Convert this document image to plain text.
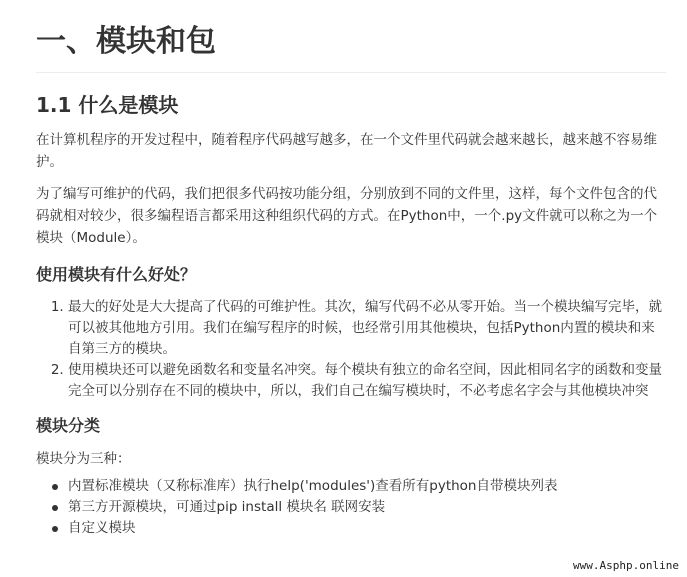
一、模块和包
1.1 什么是模块

在计算机程序的开发过程中，随着程序代码越写越多，在一个文件里代码就会越来越长，越来越不容易维护。

为了编写可维护的代码，我们把很多代码按功能分组，分别放到不同的文件里，这样，每个文件包含的代码就相对较少，很多编程语言都采用这种组织代码的方式。在Python中，一个.py文件就可以称之为一个模块（Module）。

使用模块有什么好处？
1. 最大的好处是大大提高了代码的可维护性。其次，编写代码不必从零开始。当一个模块编写完毕，就可以被其他地方引用。我们在编写程序的时候，也经常引用其他模块，包括Python内置的模块和来自第三方的模块。
2. 使用模块还可以避免函数名和变量名冲突。每个模块有独立的命名空间，因此相同名字的函数和变量完全可以分别存在不同的模块中，所以，我们自己在编写模块时，不必考虑名字会与其他模块冲突
模块分类

模块分为三种：

内置标准模块（又称标准库）执行help('modules')查看所有python自带模块列表
第三方开源模块，可通过pip install 模块名 联网安装
自定义模块
www.Asphp.online
